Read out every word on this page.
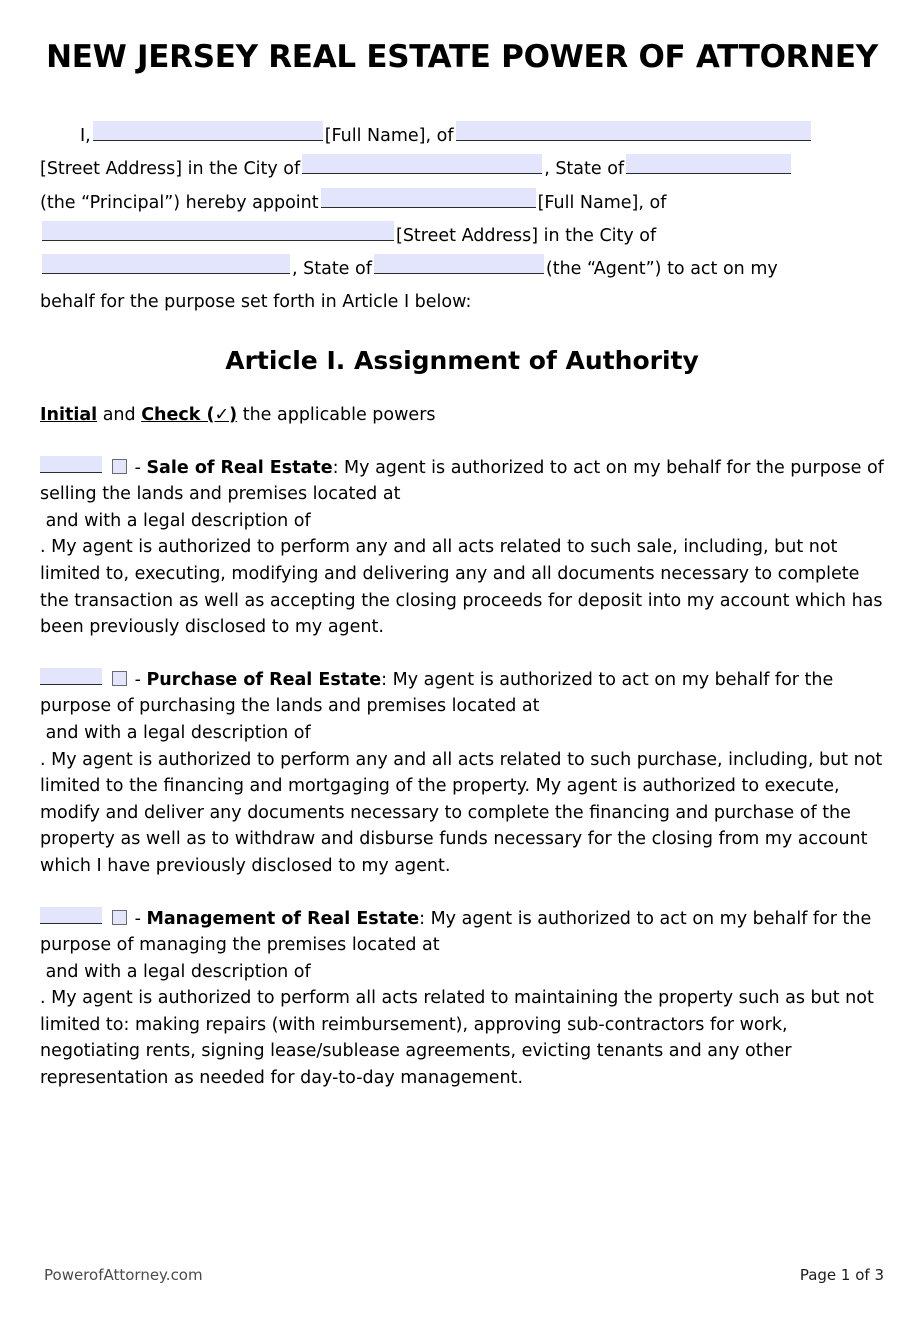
NEW JERSEY REAL ESTATE POWER OF ATTORNEY
I,	[Full Name], of
[Street Address] in the City of	, State of
(the “Principal”) hereby appoint	[Full Name], of
[Street Address] in the City of
, State of	(the “Agent”) to act on my
behalf for the purpose set forth in Article I below:
Article I. Assignment of Authority
Initial and Check (✓) the applicable powers
- Sale of Real Estate: My agent is authorized to act on my behalf for the purpose of selling the lands and premises located at
and with a legal description of
. My agent is authorized to perform any and all acts related to such sale, including, but not limited to, executing, modifying and delivering any and all documents necessary to complete the transaction as well as accepting the closing proceeds for deposit into my account which has been previously disclosed to my agent.
- Purchase of Real Estate: My agent is authorized to act on my behalf for the purpose of purchasing the lands and premises located at
and with a legal description of
. My agent is authorized to perform any and all acts related to such purchase, including, but not limited to the financing and mortgaging of the property. My agent is authorized to execute, modify and deliver any documents necessary to complete the financing and purchase of the property as well as to withdraw and disburse funds necessary for the closing from my account which I have previously disclosed to my agent.
- Management of Real Estate: My agent is authorized to act on my behalf for the purpose of managing the premises located at
and with a legal description of
. My agent is authorized to perform all acts related to maintaining the property such as but not limited to: making repairs (with reimbursement), approving sub-contractors for work, negotiating rents, signing lease/sublease agreements, evicting tenants and any other representation as needed for day-to-day management.
PowerofAttorney.com	Page 1 of 3
